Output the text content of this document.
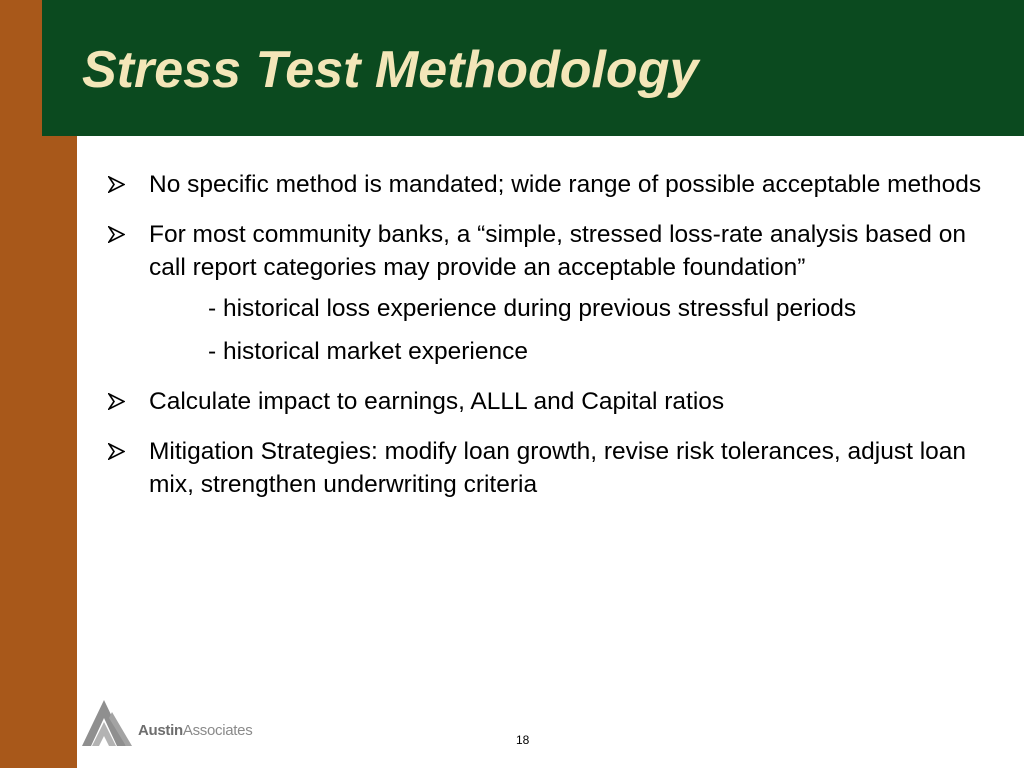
Stress Test Methodology
No specific method is mandated; wide range of possible acceptable methods
For most community banks, a “simple, stressed loss-rate analysis based on call report categories may provide an acceptable foundation”
- historical loss experience during previous stressful periods
- historical market experience
Calculate impact to earnings, ALLL and Capital ratios
Mitigation Strategies: modify loan growth, revise risk tolerances, adjust loan mix, strengthen underwriting criteria
AustinAssociates
18
